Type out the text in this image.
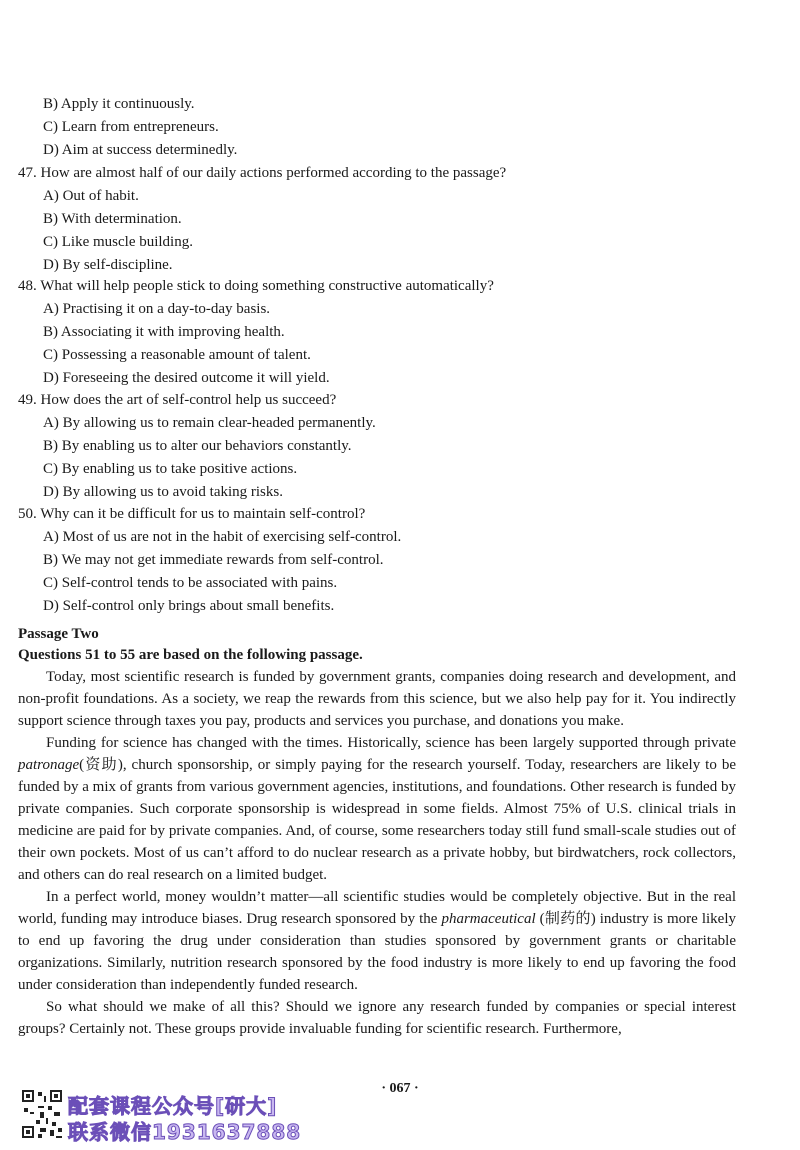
B) Apply it continuously.
C) Learn from entrepreneurs.
D) Aim at success determinedly.
47. How are almost half of our daily actions performed according to the passage?
A) Out of habit.
B) With determination.
C) Like muscle building.
D) By self-discipline.
48. What will help people stick to doing something constructive automatically?
A) Practising it on a day-to-day basis.
B) Associating it with improving health.
C) Possessing a reasonable amount of talent.
D) Foreseeing the desired outcome it will yield.
49. How does the art of self-control help us succeed?
A) By allowing us to remain clear-headed permanently.
B) By enabling us to alter our behaviors constantly.
C) By enabling us to take positive actions.
D) By allowing us to avoid taking risks.
50. Why can it be difficult for us to maintain self-control?
A) Most of us are not in the habit of exercising self-control.
B) We may not get immediate rewards from self-control.
C) Self-control tends to be associated with pains.
D) Self-control only brings about small benefits.
Passage Two
Questions 51 to 55 are based on the following passage.

Today, most scientific research is funded by government grants, companies doing research and development, and non-profit foundations. As a society, we reap the rewards from this science, but we also help pay for it. You indirectly support science through taxes you pay, products and services you purchase, and donations you make.

Funding for science has changed with the times. Historically, science has been largely supported through private patronage(资助), church sponsorship, or simply paying for the research yourself. Today, researchers are likely to be funded by a mix of grants from various government agencies, institutions, and foundations. Other research is funded by private companies. Such corporate sponsorship is widespread in some fields. Almost 75% of U.S. clinical trials in medicine are paid for by private companies. And, of course, some researchers today still fund small-scale studies out of their own pockets. Most of us can’t afford to do nuclear research as a private hobby, but birdwatchers, rock collectors, and others can do real research on a limited budget.

In a perfect world, money wouldn’t matter—all scientific studies would be completely objective. But in the real world, funding may introduce biases. Drug research sponsored by the pharmaceutical (制药的) industry is more likely to end up favoring the drug under consideration than studies sponsored by government grants or charitable organizations. Similarly, nutrition research sponsored by the food industry is more likely to end up favoring the food under consideration than independently funded research.

So what should we make of all this? Should we ignore any research funded by companies or special interest groups? Certainly not. These groups provide invaluable funding for scientific research. Furthermore,

· 067 ·
配套课程公众号[研大]
联系微信1931637888
